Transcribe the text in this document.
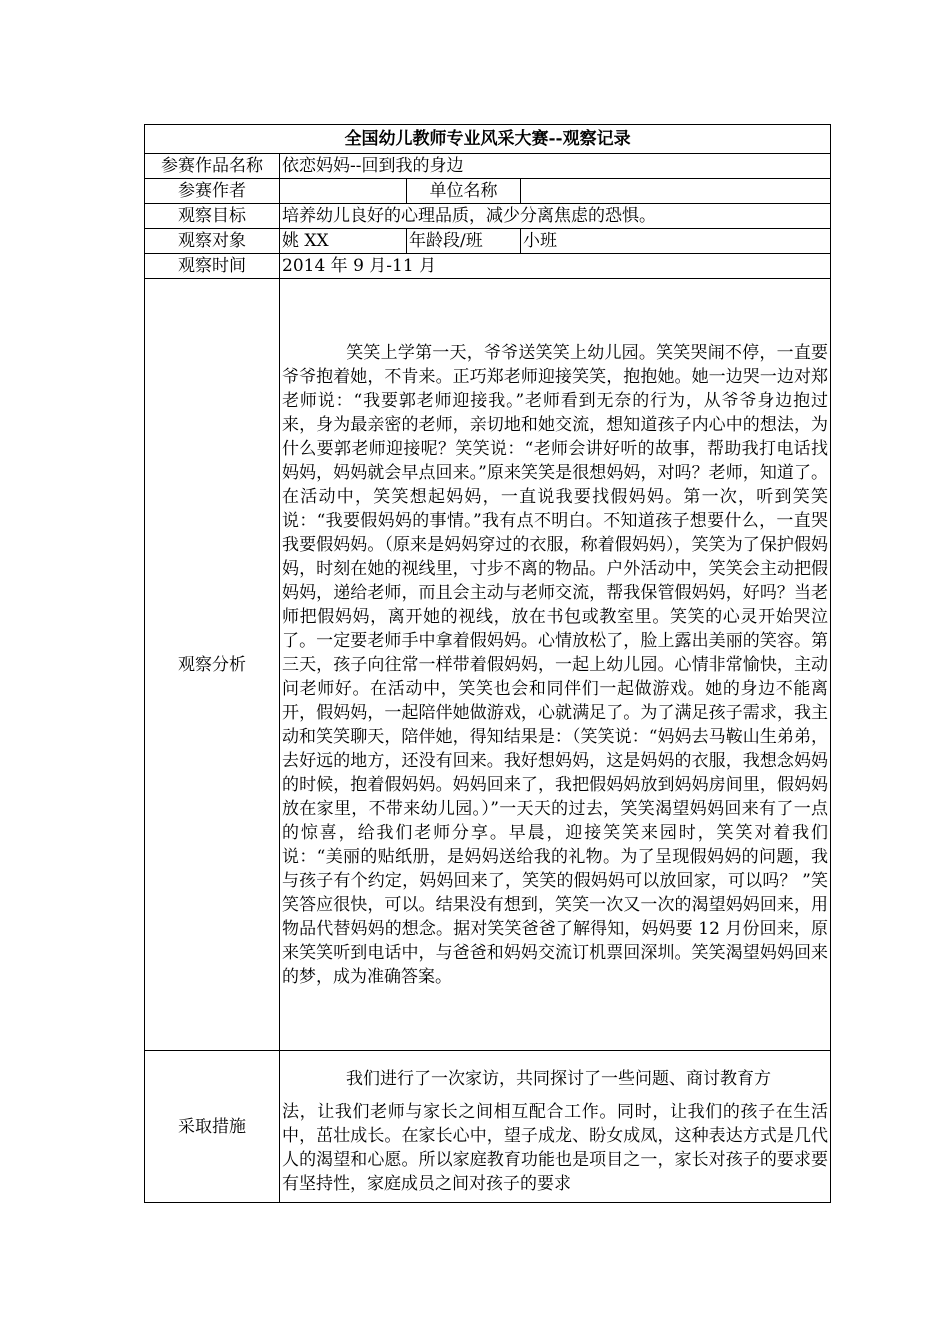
全国幼儿教师专业风采大赛--观察记录			
参赛作品名称	依恋妈妈--回到我的身边		
参赛作者		单位名称	
观察目标	培养幼儿良好的心理品质，减少分离焦虑的恐惧。		
观察对象	姚 XX	年龄段/班	小班
观察时间	2014 年 9 月-11 月		
观察分析	笑笑上学第一天，爷爷送笑笑上幼儿园。笑笑哭闹不停，一直要爷爷抱着她，不肯来。正巧郑老师迎接笑笑，抱抱她。她一边哭一边对郑老师说：“我要郭老师迎接我。”老师看到无奈的行为，从爷爷身边抱过来，身为最亲密的老师，亲切地和她交流，想知道孩子内心中的想法，为什么要郭老师迎接呢？笑笑说：“老师会讲好听的故事，帮助我打电话找妈妈，妈妈就会早点回来。”原来笑笑是很想妈妈，对吗？老师，知道了。在活动中，笑笑想起妈妈，一直说我要找假妈妈。第一次，听到笑笑说：“我要假妈妈的事情。”我有点不明白。不知道孩子想要什么，一直哭我要假妈妈。（原来是妈妈穿过的衣服，称着假妈妈），笑笑为了保护假妈妈，时刻在她的视线里，寸步不离的物品。户外活动中，笑笑会主动把假妈妈，递给老师，而且会主动与老师交流，帮我保管假妈妈，好吗？当老师把假妈妈，离开她的视线，放在书包或教室里。笑笑的心灵开始哭泣了。一定要老师手中拿着假妈妈。心情放松了，脸上露出美丽的笑容。第三天，孩子向往常一样带着假妈妈，一起上幼儿园。心情非常愉快，主动问老师好。在活动中，笑笑也会和同伴们一起做游戏。她的身边不能离开，假妈妈，一起陪伴她做游戏，心就满足了。为了满足孩子需求，我主动和笑笑聊天，陪伴她，得知结果是：（笑笑说：“妈妈去马鞍山生弟弟，去好远的地方，还没有回来。我好想妈妈，这是妈妈的衣服，我想念妈妈的时候，抱着假妈妈。妈妈回来了，我把假妈妈放到妈妈房间里，假妈妈放在家里，不带来幼儿园。）”一天天的过去，笑笑渴望妈妈回来有了一点的惊喜，给我们老师分享。早晨，迎接笑笑来园时，笑笑对着我们说：“美丽的贴纸册，是妈妈送给我的礼物。为了呈现假妈妈的问题，我与孩子有个约定，妈妈回来了，笑笑的假妈妈可以放回家，可以吗？ ”笑笑答应很快，可以。结果没有想到，笑笑一次又一次的渴望妈妈回来，用物品代替妈妈的想念。据对笑笑爸爸了解得知，妈妈要 12 月份回来，原来笑笑听到电话中，与爸爸和妈妈交流订机票回深圳。笑笑渴望妈妈回来的梦，成为准确答案。		
采取措施	我们进行了一次家访，共同探讨了一些问题、商讨教育方
法，让我们老师与家长之间相互配合工作。同时，让我们的孩子在生活中，茁壮成长。在家长心中，望子成龙、盼女成凤，这种表达方式是几代人的渴望和心愿。所以家庭教育功能也是项目之一，家长对孩子的要求要有坚持性，家庭成员之间对孩子的要求		
